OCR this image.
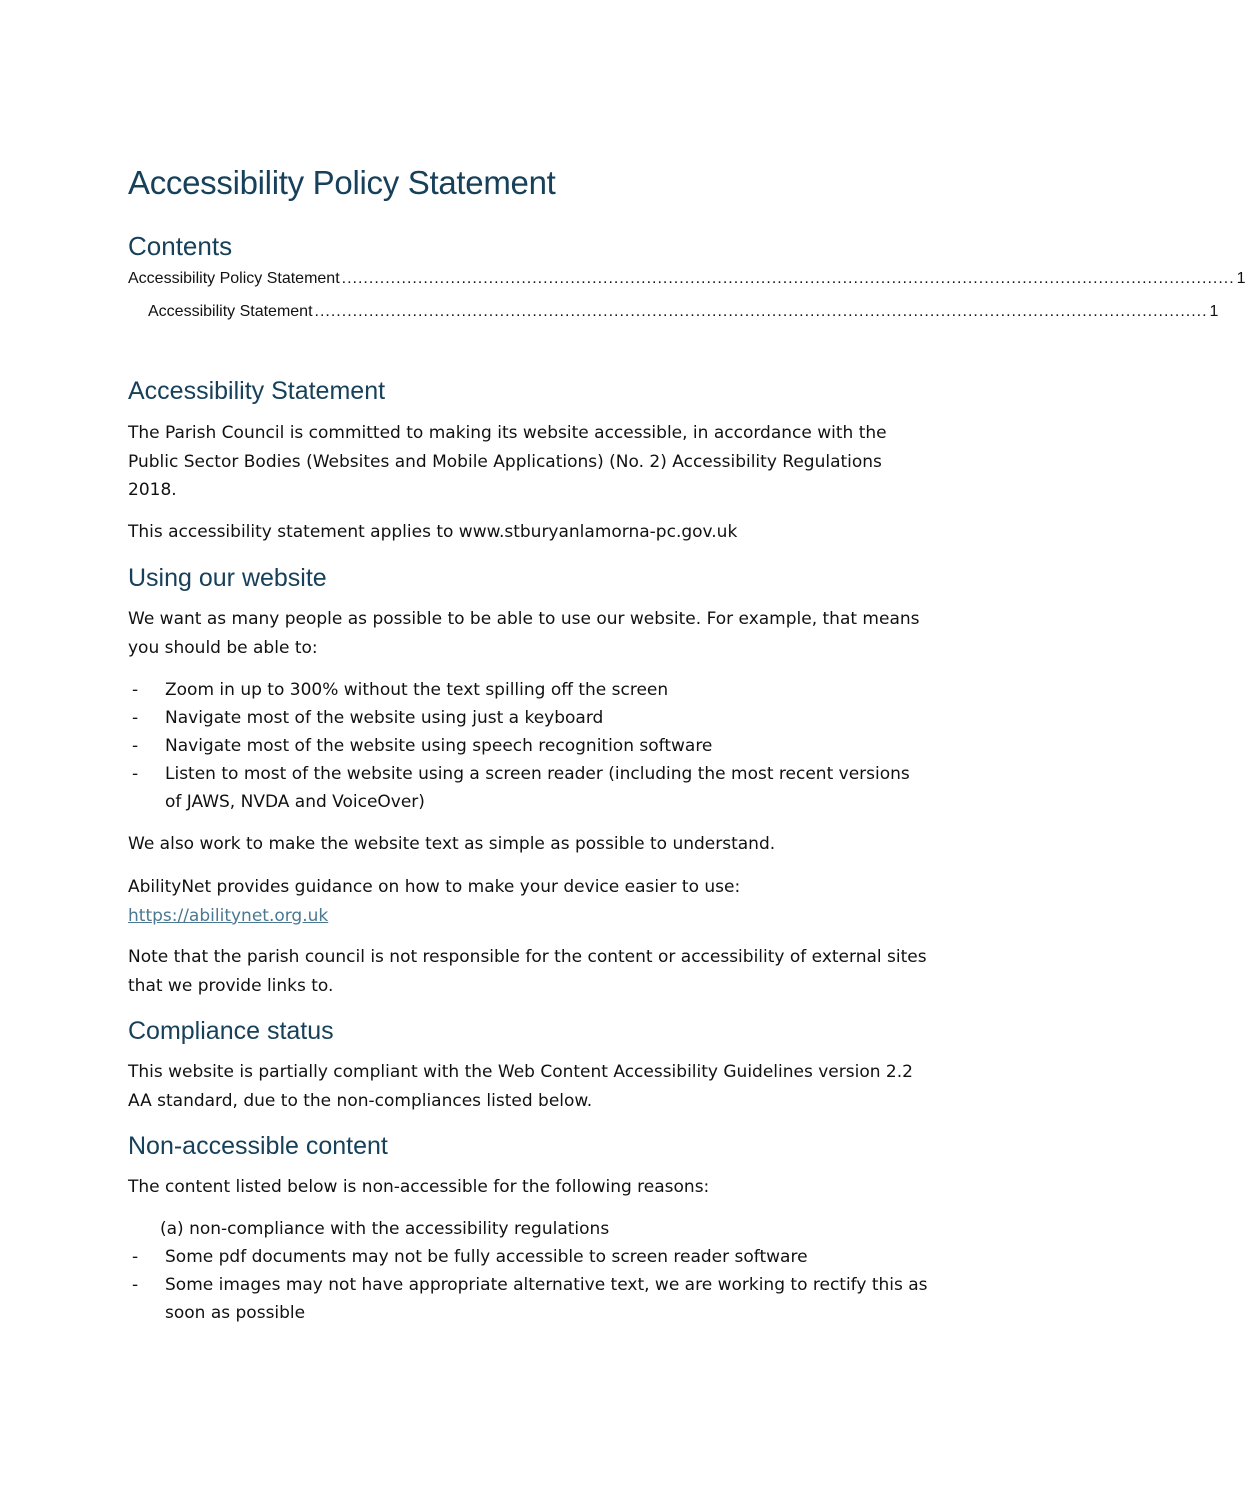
Accessibility Policy Statement
Contents
Accessibility Policy Statement .................................................................................................................................................................... 1
Accessibility Statement .................................................................................................................................................................... 1
Accessibility Statement
The Parish Council is committed to making its website accessible, in accordance with the Public Sector Bodies (Websites and Mobile Applications) (No. 2) Accessibility Regulations 2018.
This accessibility statement applies to www.stburyanlamorna-pc.gov.uk
Using our website
We want as many people as possible to be able to use our website. For example, that means you should be able to:
- Zoom in up to 300% without the text spilling off the screen
- Navigate most of the website using just a keyboard
- Navigate most of the website using speech recognition software
- Listen to most of the website using a screen reader (including the most recent versions of JAWS, NVDA and VoiceOver)
We also work to make the website text as simple as possible to understand.
AbilityNet provides guidance on how to make your device easier to use:
https://abilitynet.org.uk
Note that the parish council is not responsible for the content or accessibility of external sites that we provide links to.
Compliance status
This website is partially compliant with the Web Content Accessibility Guidelines version 2.2 AA standard, due to the non-compliances listed below.
Non-accessible content
The content listed below is non-accessible for the following reasons:
(a) non-compliance with the accessibility regulations
- Some pdf documents may not be fully accessible to screen reader software
- Some images may not have appropriate alternative text, we are working to rectify this as soon as possible
